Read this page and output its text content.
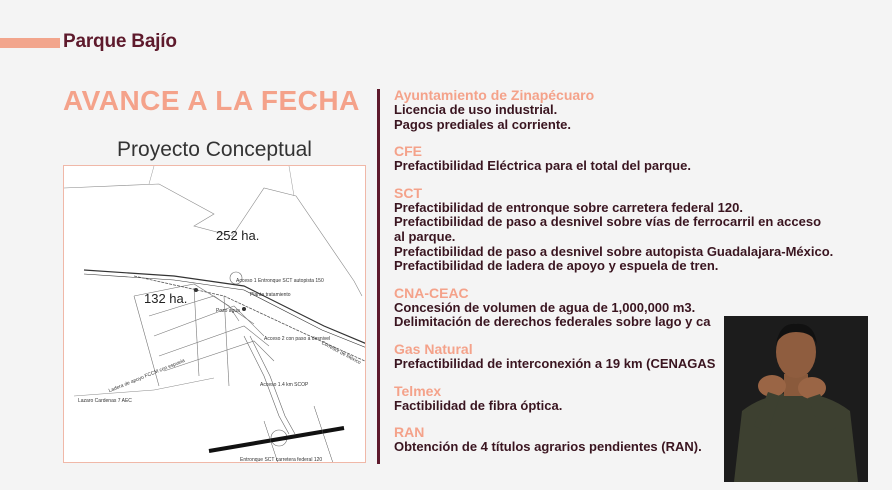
Parque Bajío
AVANCE A LA FECHA

Proyecto Conceptual

252 ha.
132 ha.
Acceso 1 Entronque SCT autopista 150
Planta tratamiento
Pozo agua
Acceso 2 con paso a desnivel
Ladera de apoyo FCCM con espuela	Acceso 1.4 km SCOP
Lazaro Cardenas 7 AEC
Corredor de México
Entronque SCT carretera federal 120
Ayuntamiento de Zinapécuaro

Licencia de uso industrial.

Pagos prediales al corriente.

CFE

Prefactibilidad Eléctrica para el total del parque.

SCT

Prefactibilidad de entronque sobre carretera federal 120.

Prefactibilidad de paso a desnivel sobre vías de ferrocarril en acceso

al parque.

Prefactibilidad de paso a desnivel sobre autopista Guadalajara-México.

Prefactibilidad de ladera de apoyo y espuela de tren.

CNA-CEAC

Concesión de volumen de agua de 1,000,000 m3.

Delimitación de derechos federales sobre lago y ca

Gas Natural

Prefactibilidad de interconexión a 19 km (CENAGAS

Telmex

Factibilidad de fibra óptica.

RAN

Obtención de 4 títulos agrarios pendientes (RAN).
